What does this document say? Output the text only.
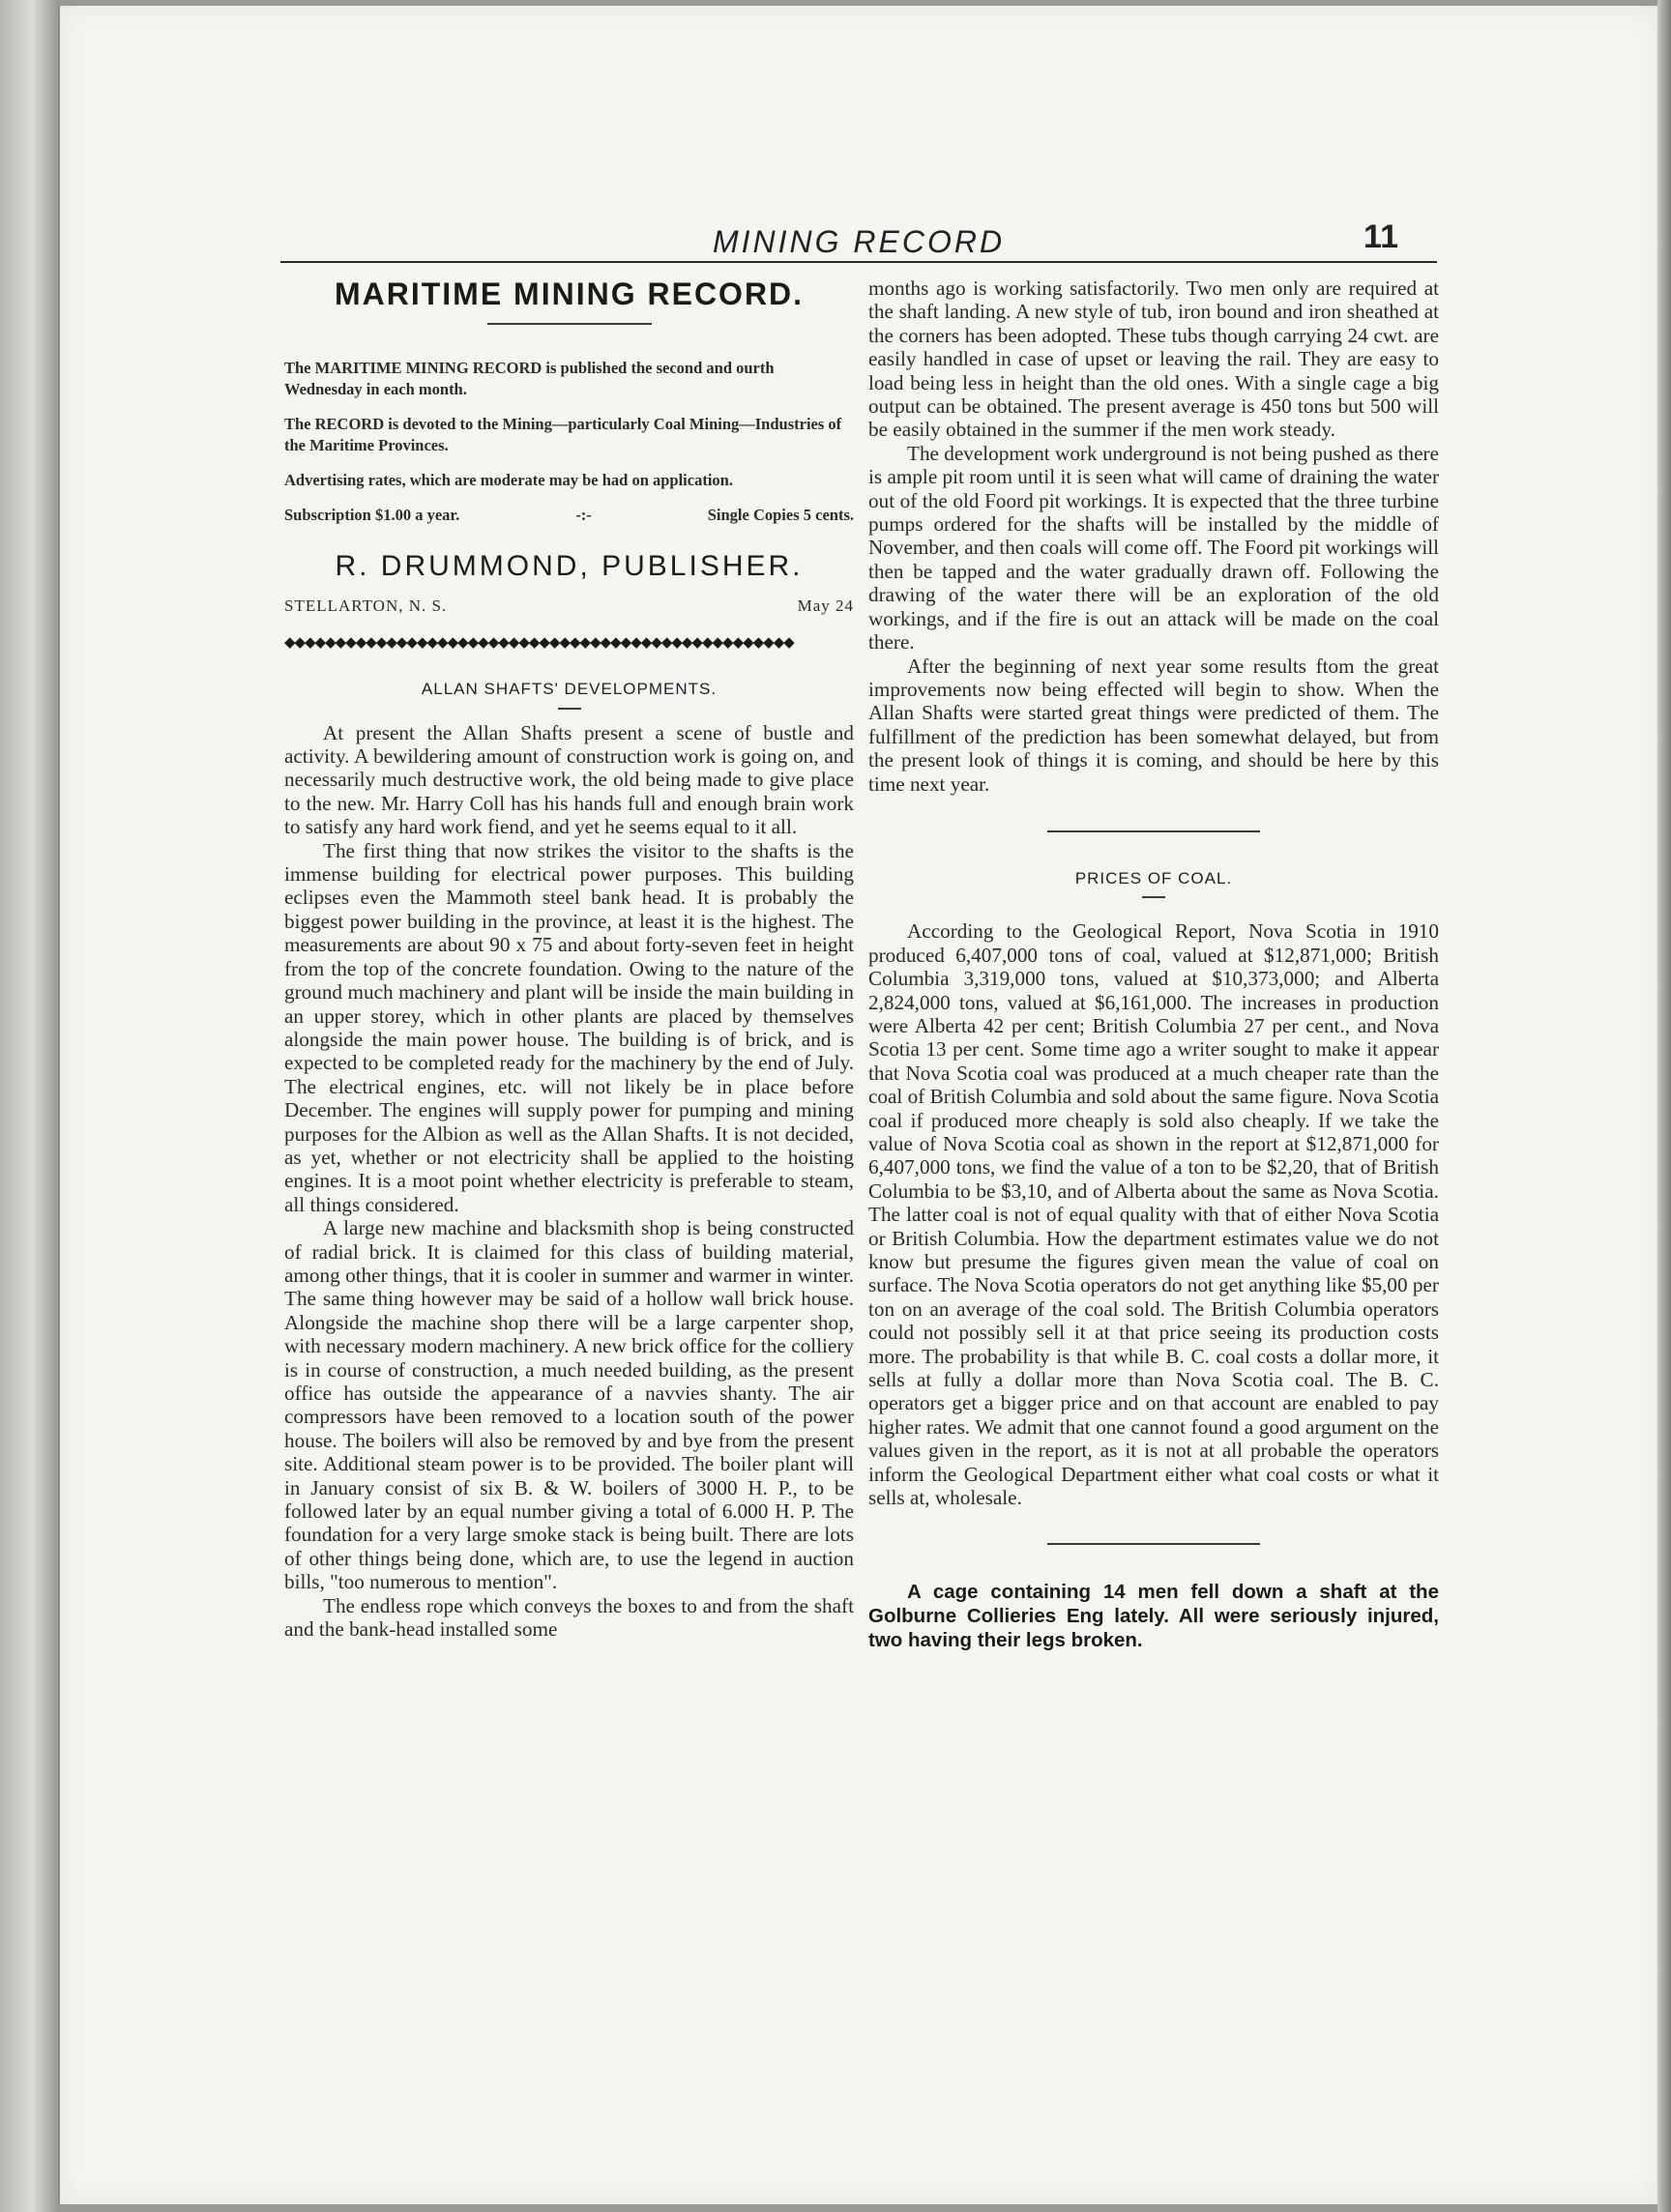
MINING RECORD	11
MARITIME MINING RECORD.

The MARITIME MINING RECORD is published the second and ourth Wednesday in each month.

The RECORD is devoted to the Mining—particularly Coal Mining—Industries of the Maritime Provinces.

Advertising rates, which are moderate may be had on application.

Subscription $1.00 a year.	-:-	Single Copies 5 cents.
R. DRUMMOND, PUBLISHER.
STELLARTON, N. S.	May 24
◆◆◆◆◆◆◆◆◆◆◆◆◆◆◆◆◆◆◆◆◆◆◆◆◆◆◆◆◆◆◆◆◆◆◆◆◆◆◆◆◆◆◆◆◆◆◆◆◆◆
ALLAN SHAFTS' DEVELOPMENTS.

At present the Allan Shafts present a scene of bustle and activity. A bewildering amount of construction work is going on, and necessarily much destructive work, the old being made to give place to the new. Mr. Harry Coll has his hands full and enough brain work to satisfy any hard work fiend, and yet he seems equal to it all.

The first thing that now strikes the visitor to the shafts is the immense building for electrical power purposes. This building eclipses even the Mammoth steel bank head. It is probably the biggest power building in the province, at least it is the highest. The measurements are about 90 x 75 and about forty-seven feet in height from the top of the concrete foundation. Owing to the nature of the ground much machinery and plant will be inside the main building in an upper storey, which in other plants are placed by themselves alongside the main power house. The building is of brick, and is expected to be completed ready for the machinery by the end of July. The electrical engines, etc. will not likely be in place before December. The engines will supply power for pumping and mining purposes for the Albion as well as the Allan Shafts. It is not decided, as yet, whether or not electricity shall be applied to the hoisting engines. It is a moot point whether electricity is preferable to steam, all things considered.

A large new machine and blacksmith shop is being constructed of radial brick. It is claimed for this class of building material, among other things, that it is cooler in summer and warmer in winter. The same thing however may be said of a hollow wall brick house. Alongside the machine shop there will be a large carpenter shop, with necessary modern machinery. A new brick office for the colliery is in course of construction, a much needed building, as the present office has outside the appearance of a navvies shanty. The air compressors have been removed to a location south of the power house. The boilers will also be removed by and bye from the present site. Additional steam power is to be provided. The boiler plant will in January consist of six B. & W. boilers of 3000 H. P., to be followed later by an equal number giving a total of 6.000 H. P. The foundation for a very large smoke stack is being built. There are lots of other things being done, which are, to use the legend in auction bills, "too numerous to mention".

The endless rope which conveys the boxes to and from the shaft and the bank-head installed some

months ago is working satisfactorily. Two men only are required at the shaft landing. A new style of tub, iron bound and iron sheathed at the corners has been adopted. These tubs though carrying 24 cwt. are easily handled in case of upset or leaving the rail. They are easy to load being less in height than the old ones. With a single cage a big output can be obtained. The present average is 450 tons but 500 will be easily obtained in the summer if the men work steady.

The development work underground is not being pushed as there is ample pit room until it is seen what will came of draining the water out of the old Foord pit workings. It is expected that the three turbine pumps ordered for the shafts will be installed by the middle of November, and then coals will come off. The Foord pit workings will then be tapped and the water gradually drawn off. Following the drawing of the water there will be an exploration of the old workings, and if the fire is out an attack will be made on the coal there.

After the beginning of next year some results ftom the great improvements now being effected will begin to show. When the Allan Shafts were started great things were predicted of them. The fulfillment of the prediction has been somewhat delayed, but from the present look of things it is coming, and should be here by this time next year.

PRICES OF COAL.

According to the Geological Report, Nova Scotia in 1910 produced 6,407,000 tons of coal, valued at $12,871,000; British Columbia 3,319,000 tons, valued at $10,373,000; and Alberta 2,824,000 tons, valued at $6,161,000. The increases in production were Alberta 42 per cent; British Columbia 27 per cent., and Nova Scotia 13 per cent. Some time ago a writer sought to make it appear that Nova Scotia coal was produced at a much cheaper rate than the coal of British Columbia and sold about the same figure. Nova Scotia coal if produced more cheaply is sold also cheaply. If we take the value of Nova Scotia coal as shown in the report at $12,871,000 for 6,407,000 tons, we find the value of a ton to be $2,20, that of British Columbia to be $3,10, and of Alberta about the same as Nova Scotia. The latter coal is not of equal quality with that of either Nova Scotia or British Columbia. How the department estimates value we do not know but presume the figures given mean the value of coal on surface. The Nova Scotia operators do not get anything like $5,00 per ton on an average of the coal sold. The British Columbia operators could not possibly sell it at that price seeing its production costs more. The probability is that while B. C. coal costs a dollar more, it sells at fully a dollar more than Nova Scotia coal. The B. C. operators get a bigger price and on that account are enabled to pay higher rates. We admit that one cannot found a good argument on the values given in the report, as it is not at all probable the operators inform the Geological Department either what coal costs or what it sells at, wholesale.

A cage containing 14 men fell down a shaft at the Golburne Collieries Eng lately. All were seriously injured, two having their legs broken.
